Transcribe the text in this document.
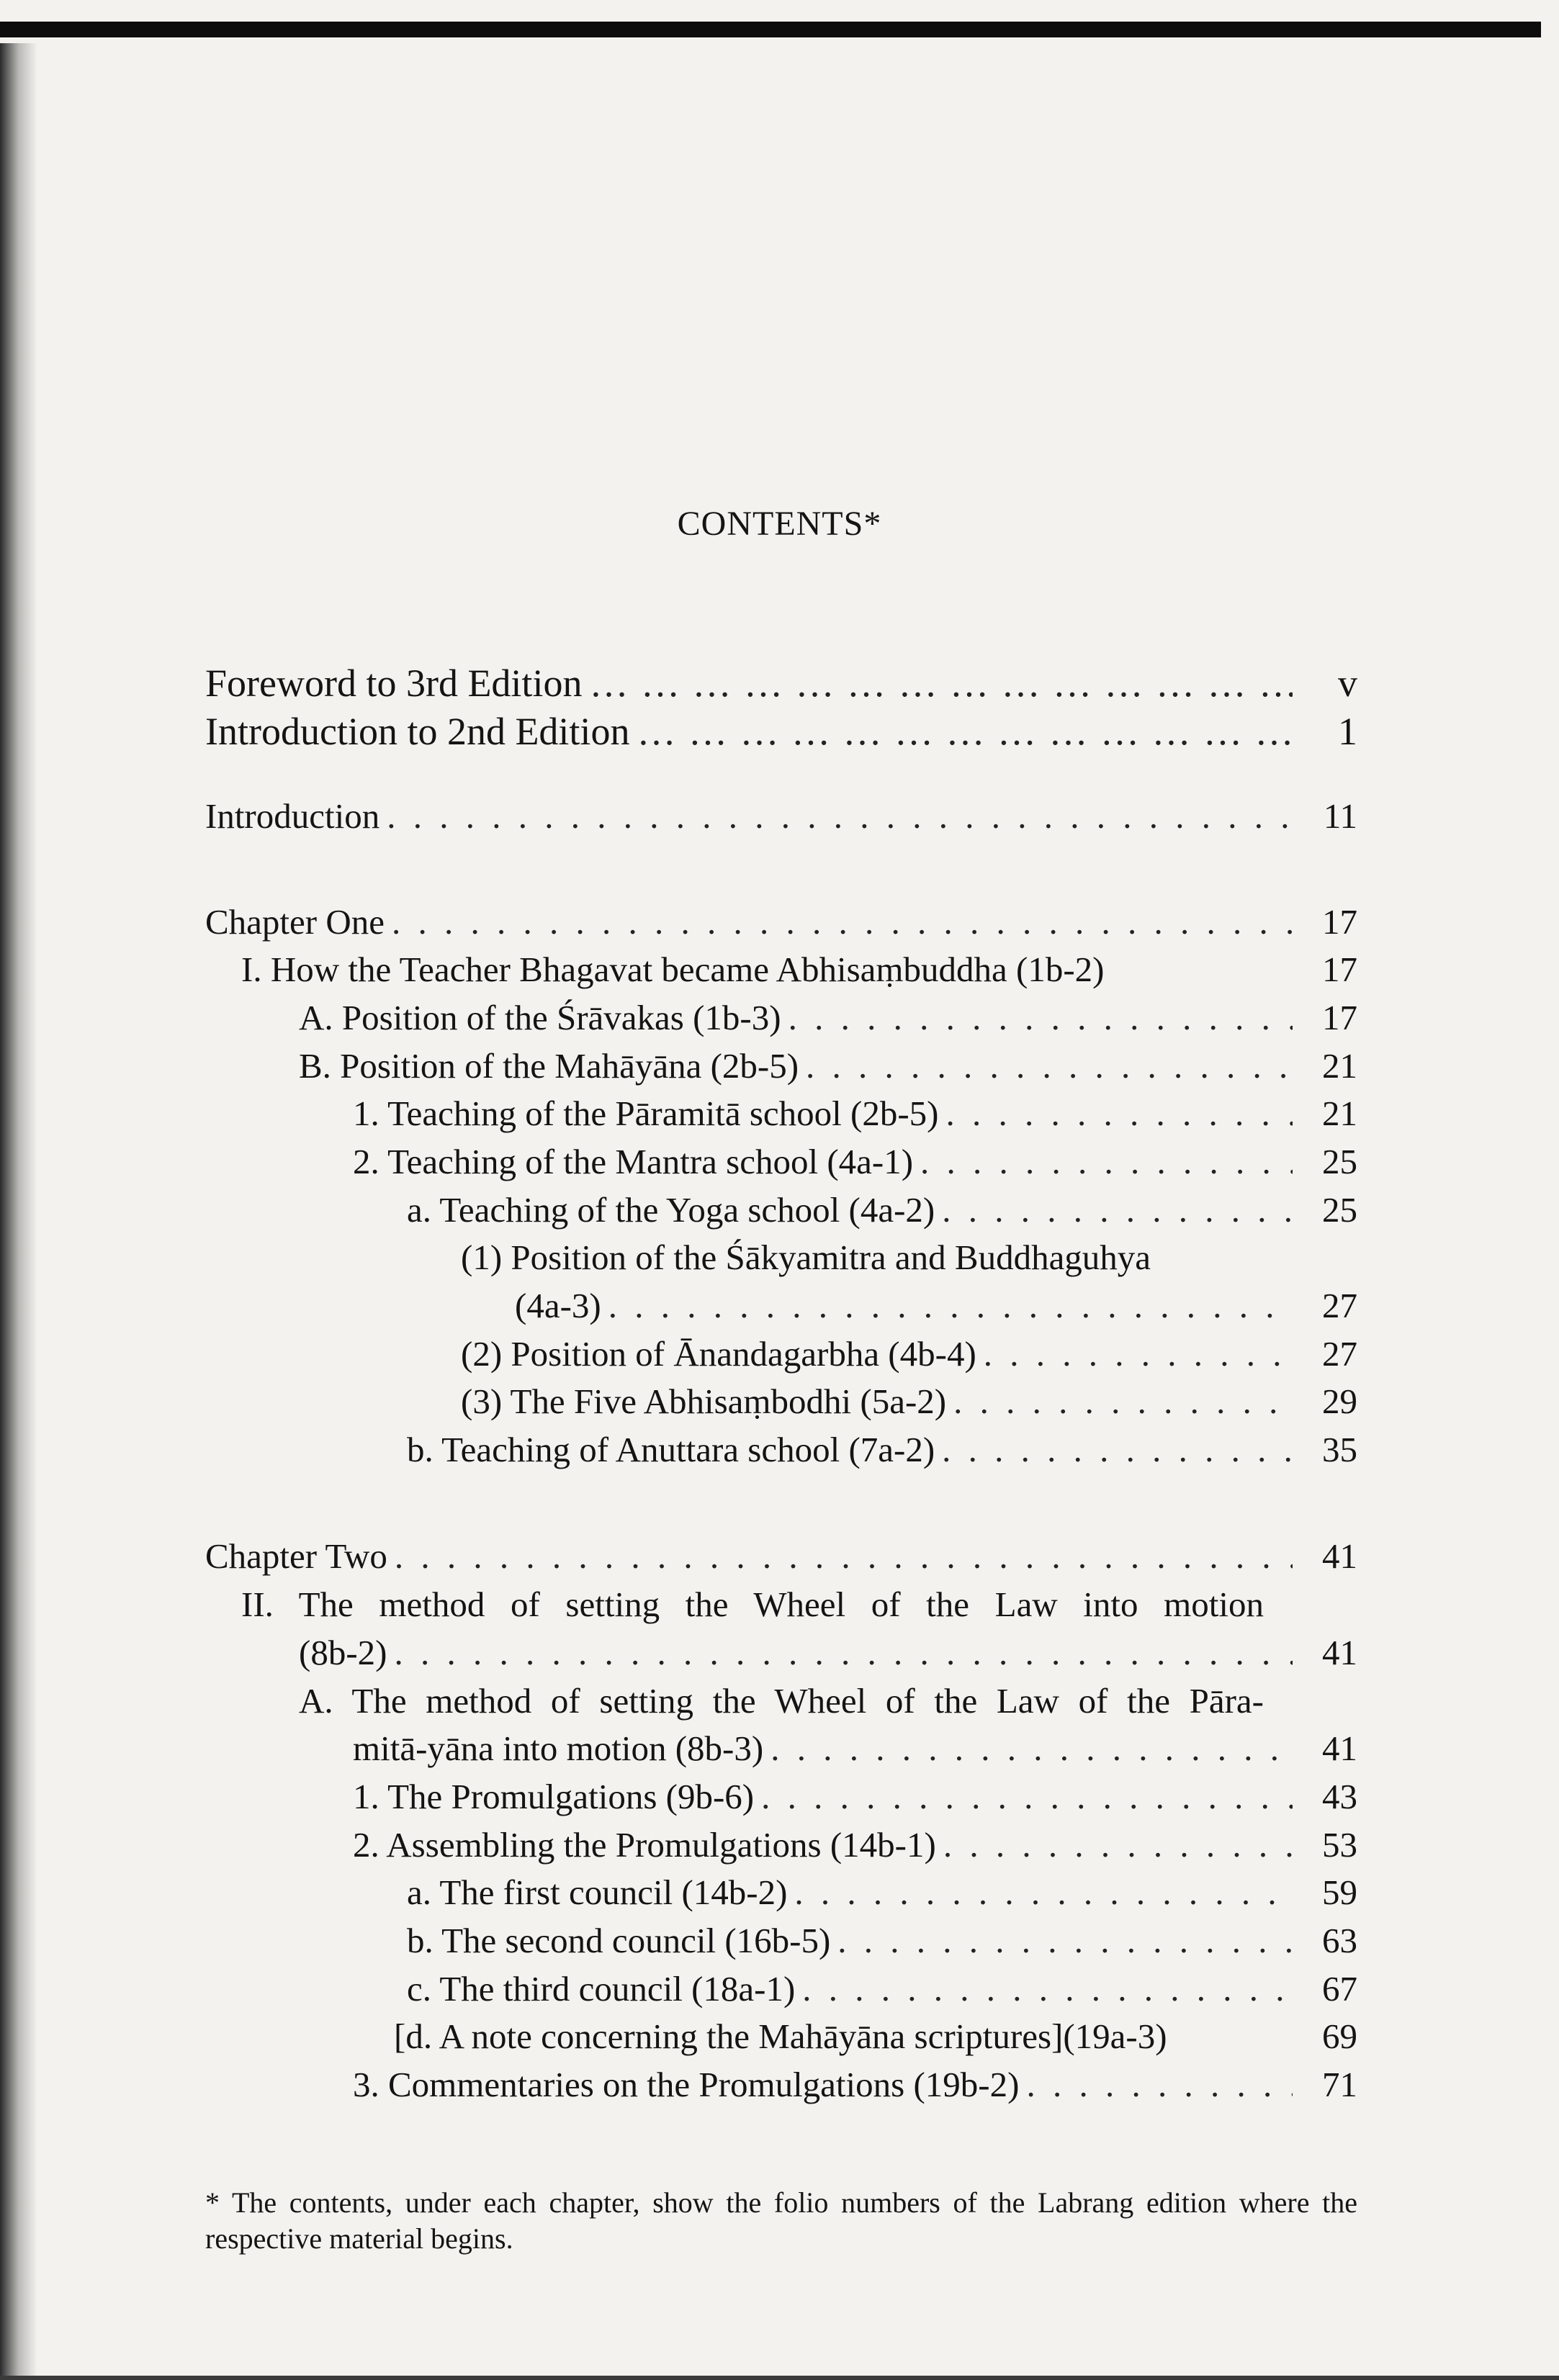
CONTENTS*
Foreword to 3rd Edition … … … … … … … … … … … … … … … … … … … … … … … … … … … … … … … … … … … … … …	v
Introduction to 2nd Edition … … … … … … … … … … … … … … … … … … … … … … … … … … … … … … … … … … … … … …	1
Introduction . . .	11
Chapter One . . .	17
I. How the Teacher Bhagavat became Abhisaṃbuddha (1b-2)	17
A. Position of the Śrāvakas (1b-3) . . .	17
B. Position of the Mahāyāna (2b-5) . . .	21
1. Teaching of the Pāramitā school (2b-5) . . .	21
2. Teaching of the Mantra school (4a-1) . . .	25
a. Teaching of the Yoga school (4a-2) . . .	25
(1) Position of the Śākyamitra and Buddhaguhya
(4a-3) . . .	27
(2) Position of Ānandagarbha (4b-4) . . .	27
(3) The Five Abhisaṃbodhi (5a-2) . . .	29
b. Teaching of Anuttara school (7a-2) . . .	35
Chapter Two . . .	41
II. The method of setting the Wheel of the Law into motion
(8b-2) . . .	41
A. The method of setting the Wheel of the Law of the Pāra-
mitā-yāna into motion (8b-3) . . .	41
1. The Promulgations (9b-6) . . .	43
2. Assembling the Promulgations (14b-1) . . .	53
a. The first council (14b-2) . . .	59
b. The second council (16b-5) . . .	63
c. The third council (18a-1) . . .	67
[d. A note concerning the Mahāyāna scriptures](19a-3)	69
3. Commentaries on the Promulgations (19b-2) . . .	71

* The contents, under each chapter, show the folio numbers of the Labrang edition where the respective material begins.
